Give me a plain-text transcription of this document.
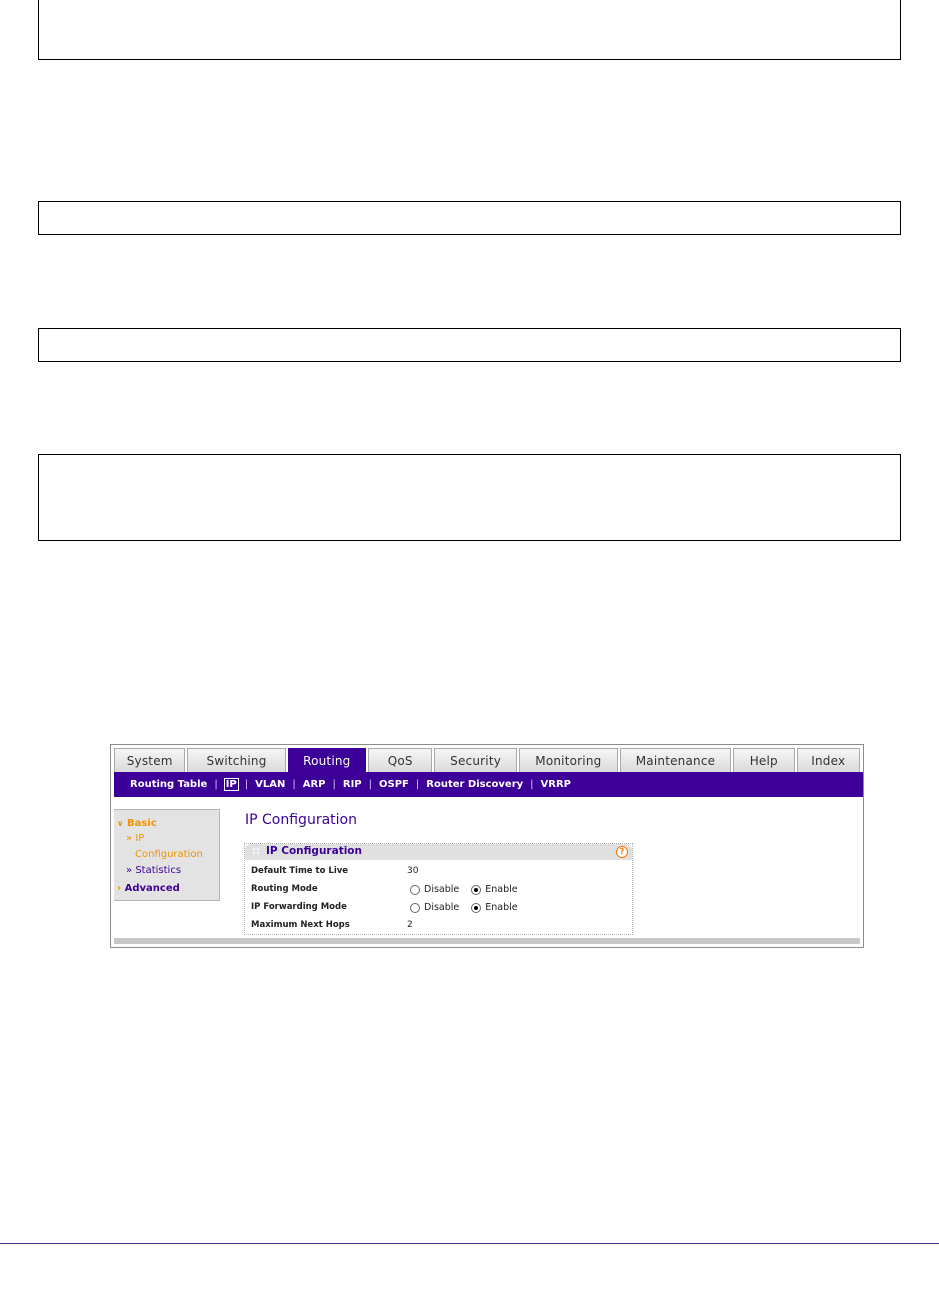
System	Switching	Routing	QoS	Security	Monitoring	Maintenance	Help	Index
Routing Table | IP | VLAN | ARP | RIP | OSPF | Router Discovery | VRRP
∨ Basic
» IP
Configuration
» Statistics
› Advanced
IP Configuration
:: IP Configuration	?
Default Time to Live	30
Routing Mode	Disable	Enable
IP Forwarding Mode	Disable	Enable
Maximum Next Hops	2
